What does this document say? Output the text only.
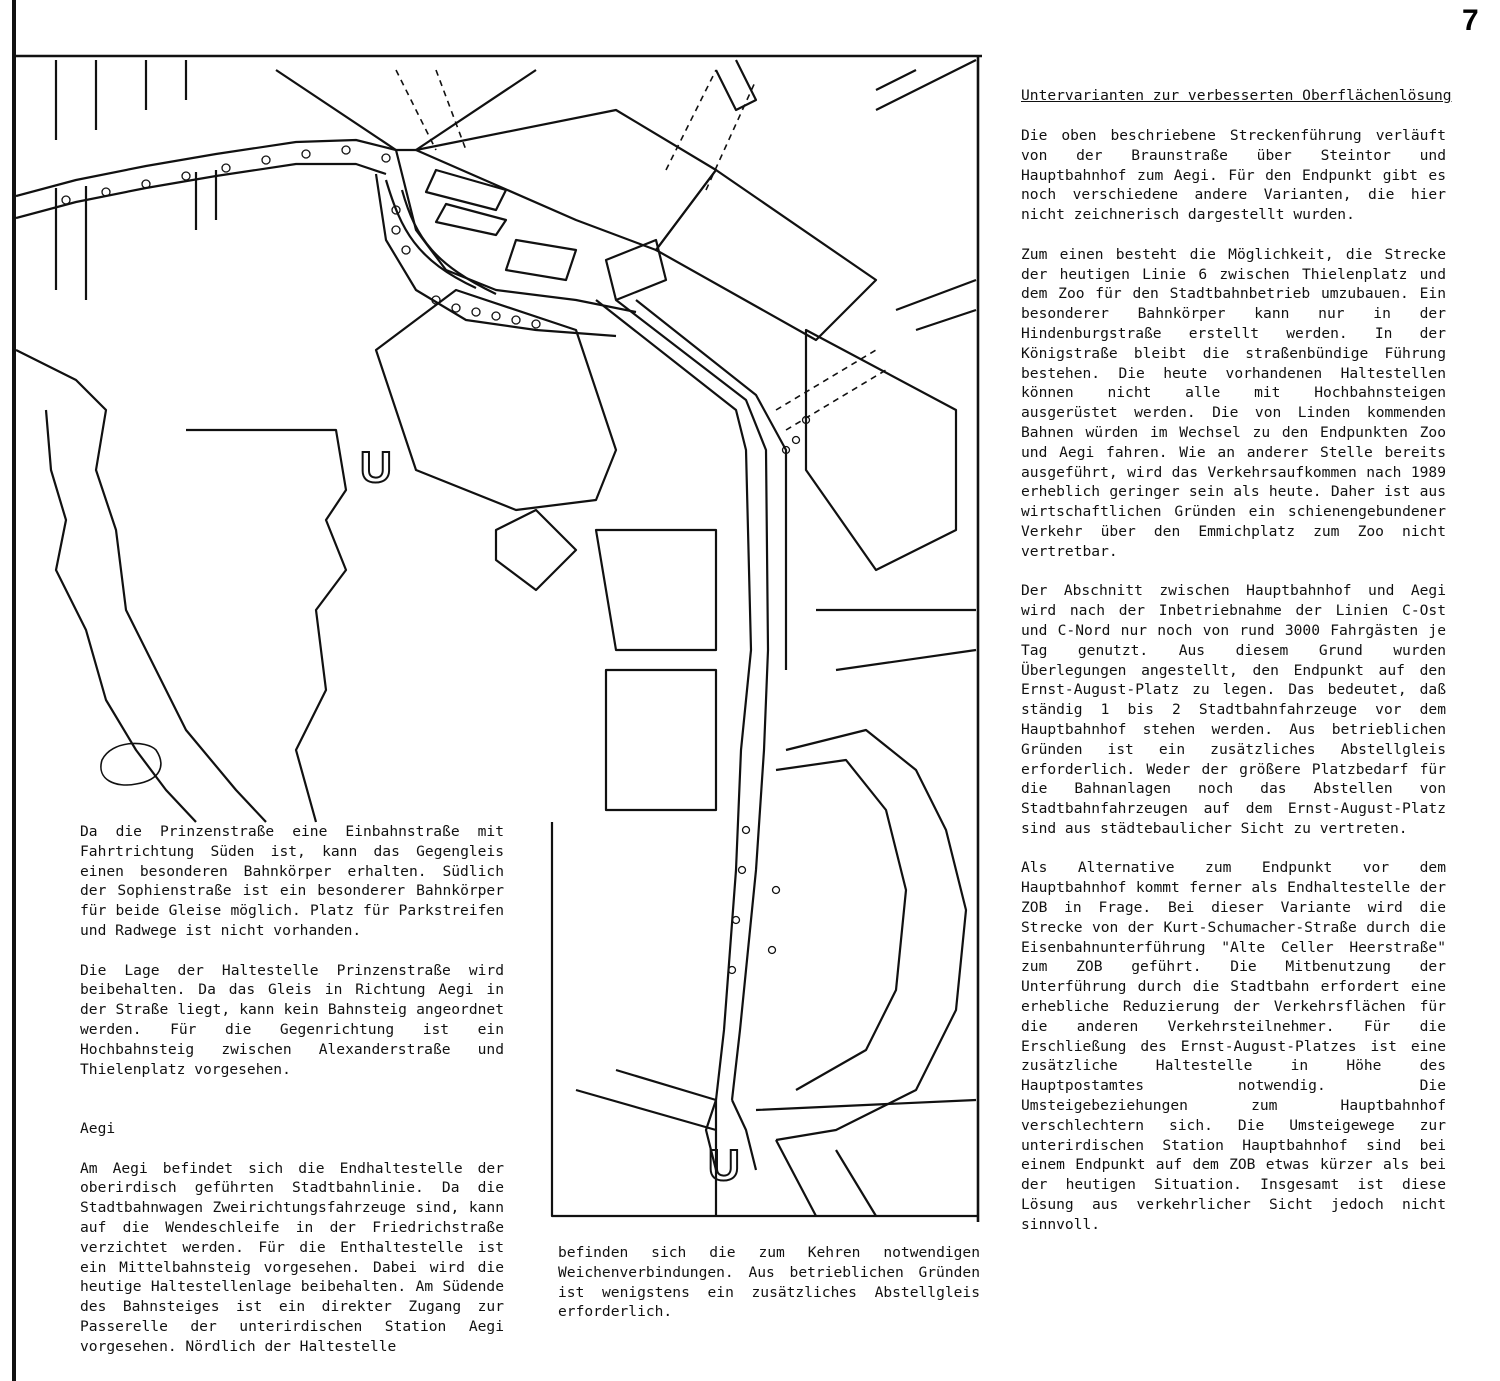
7
U
U
Untervarianten zur verbesserten Oberflächenlösung

Die oben beschriebene Streckenführung verläuft von der Braunstraße über Steintor und Hauptbahnhof zum Aegi. Für den Endpunkt gibt es noch verschiedene andere Varianten, die hier nicht zeichnerisch dargestellt wurden.

Zum einen besteht die Möglichkeit, die Strecke der heutigen Linie 6 zwischen Thielenplatz und dem Zoo für den Stadtbahnbetrieb umzubauen. Ein besonderer Bahnkörper kann nur in der Hindenburgstraße erstellt werden. In der Königstraße bleibt die straßenbündige Führung bestehen. Die heute vorhandenen Haltestellen können nicht alle mit Hochbahnsteigen ausgerüstet werden. Die von Linden kommenden Bahnen würden im Wechsel zu den Endpunkten Zoo und Aegi fahren. Wie an anderer Stelle bereits ausgeführt, wird das Verkehrsaufkommen nach 1989 erheblich geringer sein als heute. Daher ist aus wirtschaftlichen Gründen ein schienengebundener Verkehr über den Emmichplatz zum Zoo nicht vertretbar.

Der Abschnitt zwischen Hauptbahnhof und Aegi wird nach der Inbetriebnahme der Linien C-Ost und C-Nord nur noch von rund 3000 Fahrgästen je Tag genutzt. Aus diesem Grund wurden Überlegungen angestellt, den Endpunkt auf den Ernst-August-Platz zu legen. Das bedeutet, daß ständig 1 bis 2 Stadtbahnfahrzeuge vor dem Hauptbahnhof stehen werden. Aus betrieblichen Gründen ist ein zusätzliches Abstellgleis erforderlich. Weder der größere Platzbedarf für die Bahnanlagen noch das Abstellen von Stadtbahnfahrzeugen auf dem Ernst-August-Platz sind aus städtebaulicher Sicht zu vertreten.

Als Alternative zum Endpunkt vor dem Hauptbahnhof kommt ferner als Endhaltestelle der ZOB in Frage. Bei dieser Variante wird die Strecke von der Kurt-Schumacher-Straße durch die Eisenbahnunterführung "Alte Celler Heerstraße" zum ZOB geführt. Die Mitbenutzung der Unterführung durch die Stadtbahn erfordert eine erhebliche Reduzierung der Verkehrsflächen für die anderen Verkehrsteilnehmer. Für die Erschließung des Ernst-August-Platzes ist eine zusätzliche Haltestelle in Höhe des Hauptpostamtes notwendig. Die Umsteigebeziehungen zum Hauptbahnhof verschlechtern sich. Die Umsteigewege zur unterirdischen Station Hauptbahnhof sind bei einem Endpunkt auf dem ZOB etwas kürzer als bei der heutigen Situation. Insgesamt ist diese Lösung aus verkehrlicher Sicht jedoch nicht sinnvoll.

Da die Prinzenstraße eine Einbahnstraße mit Fahrtrichtung Süden ist, kann das Gegengleis einen besonderen Bahnkörper erhalten. Südlich der Sophienstraße ist ein besonderer Bahnkörper für beide Gleise möglich. Platz für Parkstreifen und Radwege ist nicht vorhanden.

Die Lage der Haltestelle Prinzenstraße wird beibehalten. Da das Gleis in Richtung Aegi in der Straße liegt, kann kein Bahnsteig angeordnet werden. Für die Gegenrichtung ist ein Hochbahnsteig zwischen Alexanderstraße und Thielenplatz vorgesehen.

Aegi

Am Aegi befindet sich die Endhaltestelle der oberirdisch geführten Stadtbahnlinie. Da die Stadtbahnwagen Zweirichtungsfahrzeuge sind, kann auf die Wendeschleife in der Friedrichstraße verzichtet werden. Für die Enthaltestelle ist ein Mittelbahnsteig vorgesehen. Dabei wird die heutige Haltestellenlage beibehalten. Am Südende des Bahnsteiges ist ein direkter Zugang zur Passerelle der unterirdischen Station Aegi vorgesehen. Nördlich der Haltestelle

befinden sich die zum Kehren notwendigen Weichenverbindungen. Aus betrieblichen Gründen ist wenigstens ein zusätzliches Abstellgleis erforderlich.
